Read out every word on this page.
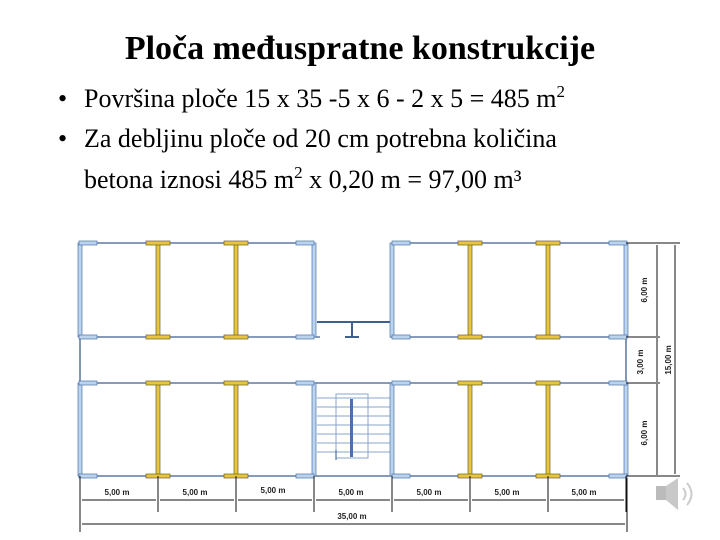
Ploča međuspratne konstrukcije
• Površina ploče 15 x 35 -5 x 6 - 2 x 5 = 485 $m^2$
• Za debljinu ploče od 20 cm potrebna količina
betona iznosi 485 $m^2$ x 0,20 m = 97,00 m³
5,00 m	5,00 m	5,00 m	5,00 m	5,00 m	5,00 m	5,00 m
35,00 m
6,00 m
3,00 m
6,00 m
15,00 m
